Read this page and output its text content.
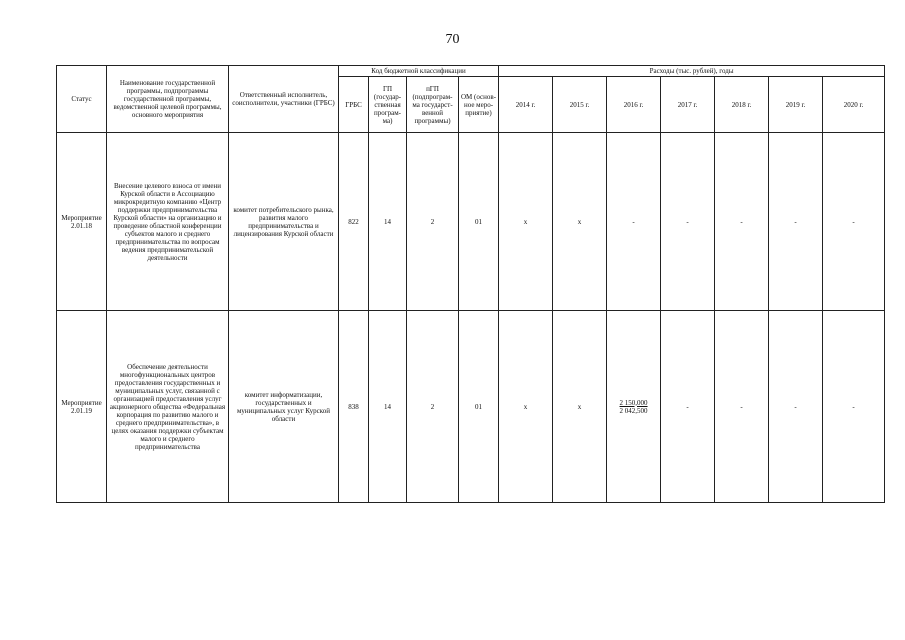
70
Статус	Наименование государственной программы, подпрограммы государственной программы, ведомственной целевой программы, основного мероприятия	Ответственный исполнитель, соисполнители, участники (ГРБС)	Код бюджетной классификации				Расходы (тыс. рублей), годы						
			ГРБС	ГП (государ-ственная програм-ма)	пГП (подпрограм-ма государст-венной программы)	ОМ (основ-ное меро-приятие)	2014 г.	2015 г.	2016 г.	2017 г.	2018 г.	2019 г.	2020 г.
Мероприятие 2.01.18	Внесение целевого взноса от имени Курской области в Ассоциацию микрокредитную компанию «Центр поддержки предпринимательства Курской области» на организацию и проведение областной конференции субъектов малого и среднего предпринимательства по вопросам ведения предпринимательской деятельности	комитет потребительского рынка, развития малого предпринимательства и лицензирования Курской области	822	14	2	01	х	х	-	-	-	-	-
Мероприятие 2.01.19	Обеспечение деятельности многофункциональных центров предоставления государственных и муниципальных услуг, связанной с организацией предоставления услуг акционерного общества «Федеральная корпорация по развитию малого и среднего предпринимательства», в целях оказания поддержки субъектам малого и среднего предпринимательства	комитет информатизации, государственных и муниципальных услуг Курской области	838	14	2	01	х	х	$\frac{2 150,000}{2 042,500}$	-	-	-	-
